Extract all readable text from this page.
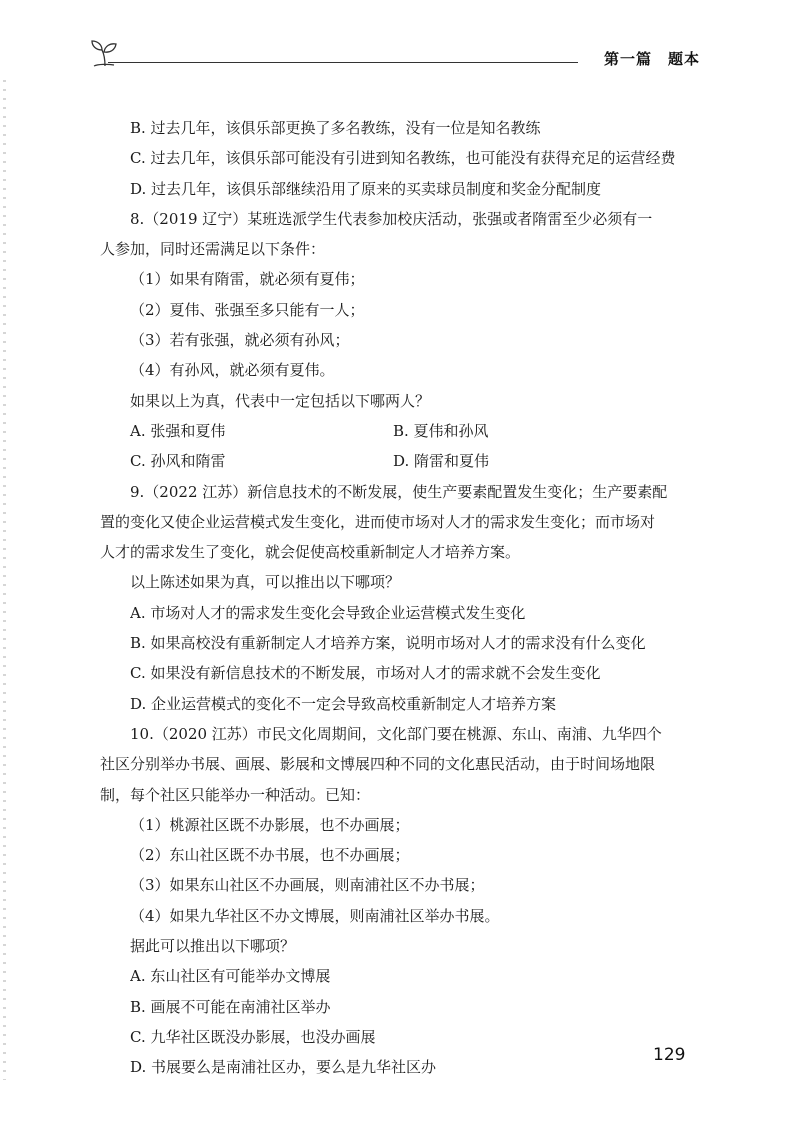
第一篇　题本
B. 过去几年，该俱乐部更换了多名教练，没有一位是知名教练
C. 过去几年，该俱乐部可能没有引进到知名教练，也可能没有获得充足的运营经费
D. 过去几年，该俱乐部继续沿用了原来的买卖球员制度和奖金分配制度
8.（2019 辽宁）某班选派学生代表参加校庆活动，张强或者隋雷至少必须有一
人参加，同时还需满足以下条件：
（1）如果有隋雷，就必须有夏伟；
（2）夏伟、张强至多只能有一人；
（3）若有张强，就必须有孙风；
（4）有孙风，就必须有夏伟。
如果以上为真，代表中一定包括以下哪两人？
A. 张强和夏伟	B. 夏伟和孙风
C. 孙风和隋雷	D. 隋雷和夏伟
9.（2022 江苏）新信息技术的不断发展，使生产要素配置发生变化；生产要素配
置的变化又使企业运营模式发生变化，进而使市场对人才的需求发生变化；而市场对
人才的需求发生了变化，就会促使高校重新制定人才培养方案。
以上陈述如果为真，可以推出以下哪项？
A. 市场对人才的需求发生变化会导致企业运营模式发生变化
B. 如果高校没有重新制定人才培养方案，说明市场对人才的需求没有什么变化
C. 如果没有新信息技术的不断发展，市场对人才的需求就不会发生变化
D. 企业运营模式的变化不一定会导致高校重新制定人才培养方案
10.（2020 江苏）市民文化周期间，文化部门要在桃源、东山、南浦、九华四个
社区分别举办书展、画展、影展和文博展四种不同的文化惠民活动，由于时间场地限
制，每个社区只能举办一种活动。已知：
（1）桃源社区既不办影展，也不办画展；
（2）东山社区既不办书展，也不办画展；
（3）如果东山社区不办画展，则南浦社区不办书展；
（4）如果九华社区不办文博展，则南浦社区举办书展。
据此可以推出以下哪项？
A. 东山社区有可能举办文博展
B. 画展不可能在南浦社区举办
C. 九华社区既没办影展，也没办画展
D. 书展要么是南浦社区办，要么是九华社区办
129
